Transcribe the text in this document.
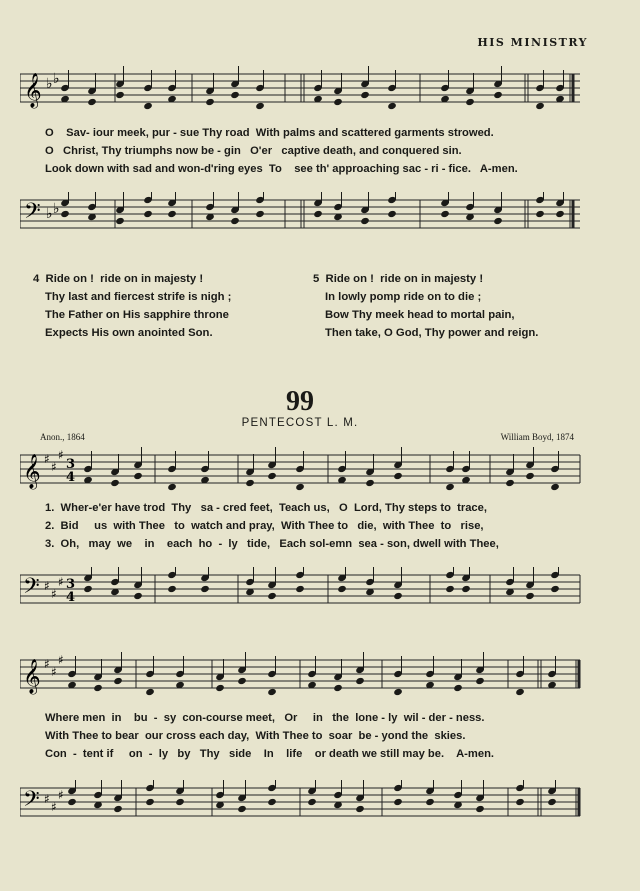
HIS MINISTRY
𝄞 ♭ ♭
O    Sav- iour meek, pur - sue Thy road  With palms and scattered garments strowed.
O   Christ, Thy triumphs now be - gin   O'er   captive death, and conquered sin.
Look down with sad and won-d'ring eyes  To    see th' approaching sac - ri - fice.   A-men.
𝄢 ♭ ♭
4  Ride on !  ride on in majesty !
Thy last and fiercest strife is nigh ;
The Father on His sapphire throne
Expects His own anointed Son.
5  Ride on !  ride on in majesty !
In lowly pomp ride on to die ;
Bow Thy meek head to mortal pain,
Then take, O God, Thy power and reign.
99
PENTECOST L. M.
Anon., 1864	William Boyd, 1874
𝄞 ♯
♯
♯
3
4
1.  Wher-e'er have trod  Thy   sa - cred feet,  Teach us,   O  Lord, Thy steps to  trace,
2.  Bid     us  with Thee   to  watch and pray,  With Thee to   die,  with Thee  to   rise,
3.  Oh,   may  we    in    each  ho  -  ly   tide,   Each sol-emn  sea - son, dwell with Thee,
𝄢 ♯
♯
♯ 3
4
𝄞 ♯
♯
♯
Where men  in    bu  -  sy  con-course meet,   Or     in   the  lone - ly  wil - der - ness.
With Thee to bear  our cross each day,  With Thee to  soar  be - yond the  skies.
Con  -  tent if     on  -  ly   by   Thy   side    In    life    or death we still may be.    A-men.
𝄢 ♯
♯
♯
